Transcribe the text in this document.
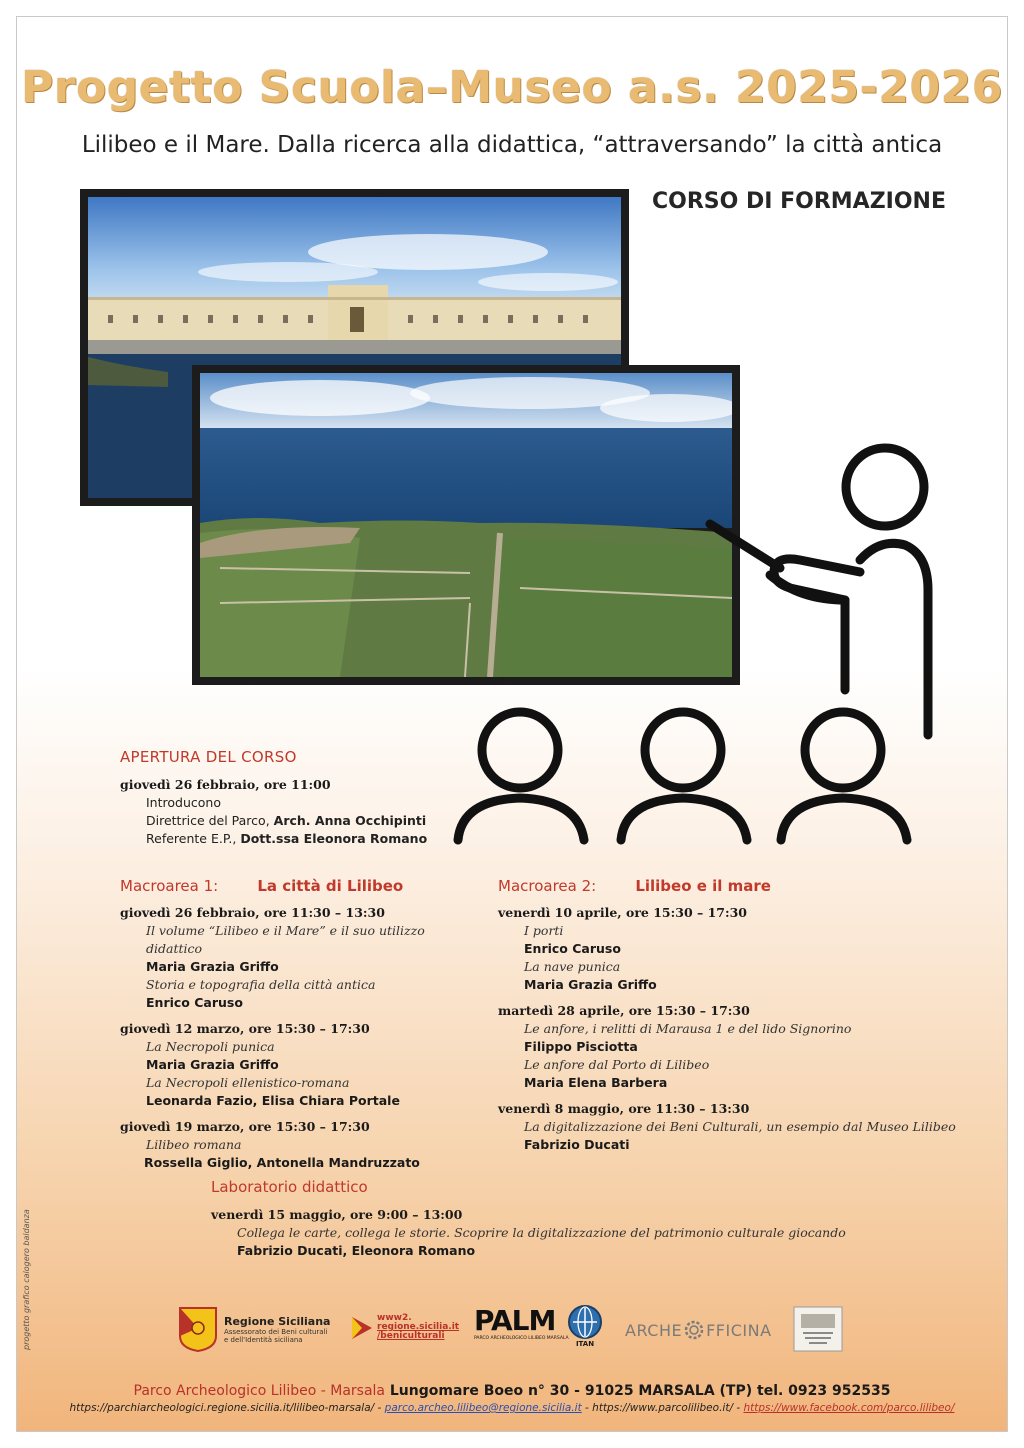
Progetto Scuola–Museo a.s. 2025-2026
Lilibeo e il Mare. Dalla ricerca alla didattica, “attraversando” la città antica
CORSO DI FORMAZIONE
APERTURA DEL CORSO
giovedì 26 febbraio, ore 11:00
Introducono
Direttrice del Parco, Arch. Anna Occhipinti
Referente E.P., Dott.ssa Eleonora Romano
Macroarea 1:	La città di Lilibeo
giovedì 26 febbraio, ore 11:30 – 13:30
Il volume “Lilibeo e il Mare” e il suo utilizzo didattico
Maria Grazia Griffo
Storia e topografia della città antica
Enrico Caruso
giovedì 12 marzo, ore 15:30 – 17:30
La Necropoli punica
Maria Grazia Griffo
La Necropoli ellenistico-romana
Leonarda Fazio, Elisa Chiara Portale
giovedì 19 marzo, ore 15:30 – 17:30
Lilibeo romana
Rossella Giglio, Antonella Mandruzzato
Macroarea 2:	Lilibeo e il mare
venerdì 10 aprile, ore 15:30 – 17:30
I porti
Enrico Caruso
La nave punica
Maria Grazia Griffo
martedì 28 aprile, ore 15:30 – 17:30
Le anfore, i relitti di Marausa 1 e del lido Signorino
Filippo Pisciotta
Le anfore dal Porto di Lilibeo
Maria Elena Barbera
venerdì 8 maggio, ore 11:30 – 13:30
La digitalizzazione dei Beni Culturali, un esempio dal Museo Lilibeo
Fabrizio Ducati
Laboratorio didattico
venerdì 15 maggio, ore 9:00 – 13:00
Collega le carte, collega le storie. Scoprire la digitalizzazione del patrimonio culturale giocando
Fabrizio Ducati, Eleonora Romano
progetto grafico calogero baldanza	Regione Siciliana
Assessorato dei Beni culturali
e dell'Identità siciliana
www2.
regione.sicilia.it
/beniculturali	PALM
PARCO ARCHEOLOGICO LILIBEO MARSALA
ITAN
ARCHE FFICINA
Parco Archeologico Lilibeo - Marsala Lungomare Boeo n° 30 - 91025 MARSALA (TP) tel. 0923 952535
https://parchiarcheologici.regione.sicilia.it/lilibeo-marsala/ - parco.archeo.lilibeo@regione.sicilia.it - https://www.parcolilibeo.it/ - https://www.facebook.com/parco.lilibeo/
